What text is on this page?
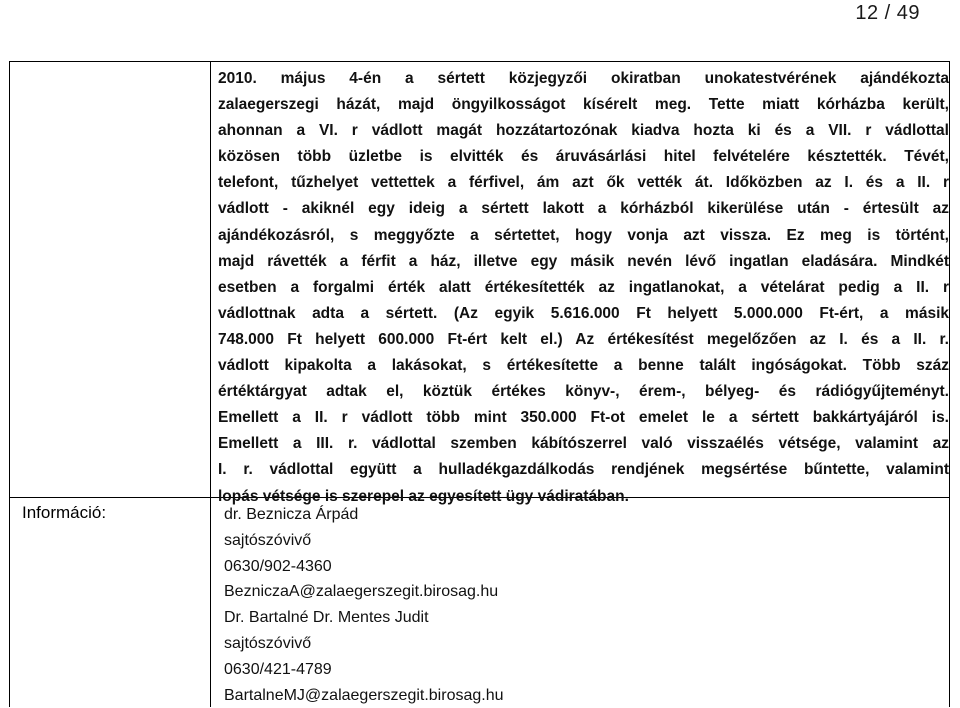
12 / 49
2010. május 4-én a sértett közjegyzői okiratban unokatestvérének ajándékozta
zalaegerszegi házát, majd öngyilkosságot kísérelt meg. Tette miatt kórházba került,
ahonnan a VI. r vádlott magát hozzátartozónak kiadva hozta ki és a VII. r vádlottal
közösen több üzletbe is elvitték és áruvásárlási hitel felvételére késztették. Tévét,
telefont, tűzhelyet vettettek a férfivel, ám azt ők vették át. Időközben az I. és a II. r
vádlott - akiknél egy ideig a sértett lakott a kórházból kikerülése után - értesült az
ajándékozásról, s meggyőzte a sértettet, hogy vonja azt vissza. Ez meg is történt,
majd rávették a férfit a ház, illetve egy másik nevén lévő ingatlan eladására. Mindkét
esetben a forgalmi érték alatt értékesítették az ingatlanokat, a vételárat pedig a II. r
vádlottnak adta a sértett. (Az egyik 5.616.000 Ft helyett 5.000.000 Ft-ért, a másik
748.000 Ft helyett 600.000 Ft-ért kelt el.) Az értékesítést megelőzően az I. és a II. r.
vádlott kipakolta a lakásokat, s értékesítette a benne talált ingóságokat. Több száz
értéktárgyat adtak el, köztük értékes könyv-, érem-, bélyeg- és rádiógyűjteményt.
Emellett a II. r vádlott több mint 350.000 Ft-ot emelet le a sértett bakkártyájáról is.
Emellett a III. r. vádlottal szemben kábítószerrel való visszaélés vétsége, valamint az
I. r. vádlottal együtt a hulladékgazdálkodás rendjének megsértése bűntette, valamint
lopás vétsége is szerepel az egyesített ügy vádiratában.
Információ:	dr. Beznicza Árpád
sajtószóvivő
0630/902-4360
BezniczaA@zalaegerszegit.birosag.hu
Dr. Bartalné Dr. Mentes Judit
sajtószóvivő
0630/421-4789
BartalneMJ@zalaegerszegit.birosag.hu
